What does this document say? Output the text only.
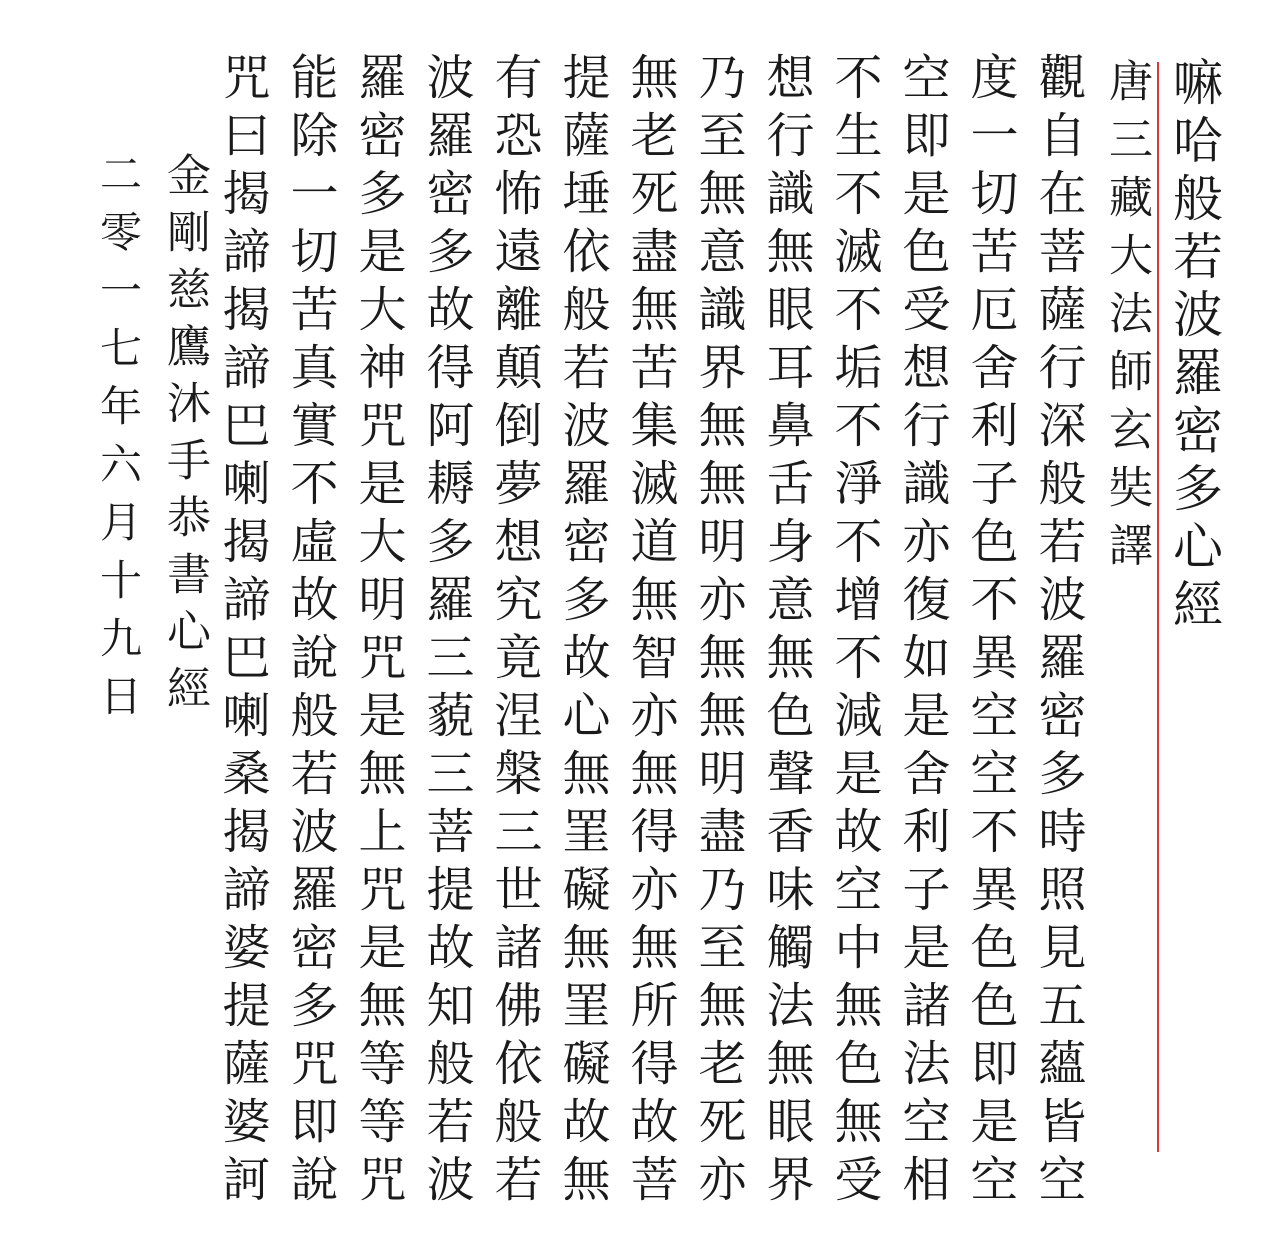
嘛哈般若波羅密多心經

唐三藏大法師玄奘譯

觀自在菩薩行深般若波羅密多時照見五蘊皆空

度一切苦厄舍利子色不異空空不異色色即是空

空即是色受想行識亦復如是舍利子是諸法空相

不生不滅不垢不淨不增不減是故空中無色無受

想行識無眼耳鼻舌身意無色聲香味觸法無眼界

乃至無意識界無無明亦無無明盡乃至無老死亦

無老死盡無苦集滅道無智亦無得亦無所得故菩

提薩埵依般若波羅密多故心無罣礙無罣礙故無

有恐怖遠離顛倒夢想究竟涅槃三世諸佛依般若

波羅密多故得阿耨多羅三藐三菩提故知般若波

羅密多是大神咒是大明咒是無上咒是無等等咒

能除一切苦真實不虛故說般若波羅密多咒即說

咒曰揭諦揭諦巴喇揭諦巴喇桑揭諦婆提薩婆訶

金剛慈鷹沐手恭書心經

二零一七年六月十九日
